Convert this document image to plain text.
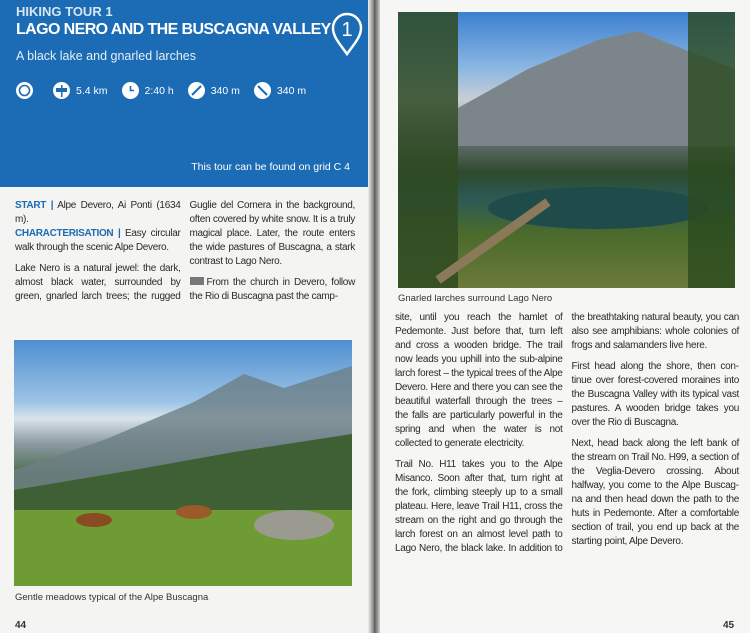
HIKING TOUR 1
LAGO NERO AND THE BUSCAGNA VALLEY 1
A black lake and gnarled larches
5.4 km	2:40 h	340 m	340 m
This tour can be found on grid C 4

START | Alpe Devero, Ai Ponti (1634 m).
CHARACTERISATION | Easy circular walk through the scenic Alpe Devero.

Lake Nero is a natural jewel: the dark, almost black water, surrounded by green, gnarled larch trees; the rugged Guglie del Cornera in the background, often covered by white snow. It is a truly magical place. Later, the route enters the wide pastures of Buscagna, a stark contrast to Lago Nero.

From the church in Devero, follow the Rio di Buscagna past the camp-

Gentle meadows typical of the Alpe Buscagna
44
Gnarled larches surround Lago Nero

site, until you reach the hamlet of Pedemonte. Just before that, turn left and cross a wooden bridge. The trail now leads you uphill into the sub-alpine larch forest – the typical trees of the Alpe Devero. Here and there you can see the beautiful waterfall through the trees – the falls are particularly powerful in the spring and when the water is not collected to generate electricity.

Trail No. H11 takes you to the Alpe Misanco. Soon after that, turn right at the fork, climbing steeply up to a small plateau. Here, leave Trail H11, cross the stream on the right and go through the larch forest on an almost level path to Lago Nero, the black lake. In addition to the breathtaking natural beauty, you can also see amphibians: whole colonies of frogs and salamanders live here.

First head along the shore, then continue over forest-covered moraines into the Buscagna Valley with its typical vast pastures. A wooden bridge takes you over the Rio di Buscagna.

Next, head back along the left bank of the stream on Trail No. H99, a section of the Veglia-Devero crossing. About halfway, you come to the Alpe Buscagna and then head down the path to the huts in Pedemonte. After a comfortable section of trail, you end up back at the starting point, Alpe Devero.

45
